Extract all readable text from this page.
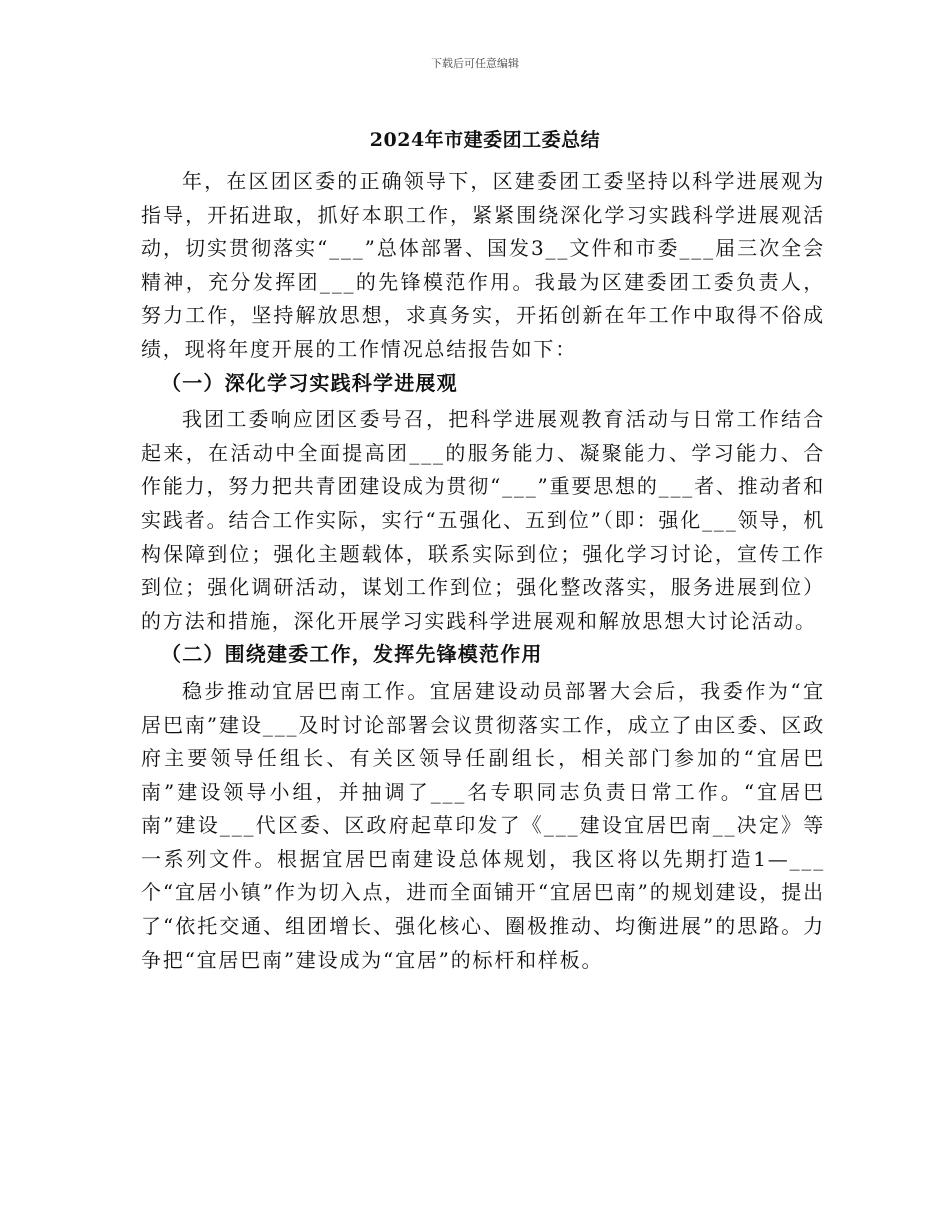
下载后可任意编辑
2024年市建委团工委总结

年，在区团区委的正确领导下，区建委团工委坚持以科学进展观为指导，开拓进取，抓好本职工作，紧紧围绕深化学习实践科学进展观活动，切实贯彻落实“___”总体部署、国发3__文件和市委___届三次全会精神，充分发挥团___的先锋模范作用。我最为区建委团工委负责人，努力工作，坚持解放思想，求真务实，开拓创新在年工作中取得不俗成绩，现将年度开展的工作情况总结报告如下：

（一）深化学习实践科学进展观

我团工委响应团区委号召，把科学进展观教育活动与日常工作结合起来，在活动中全面提高团___的服务能力、凝聚能力、学习能力、合作能力，努力把共青团建设成为贯彻“___”重要思想的___者、推动者和实践者。结合工作实际，实行“五强化、五到位”（即：强化___领导，机构保障到位；强化主题载体，联系实际到位；强化学习讨论，宣传工作到位；强化调研活动，谋划工作到位；强化整改落实，服务进展到位）的方法和措施，深化开展学习实践科学进展观和解放思想大讨论活动。

（二）围绕建委工作，发挥先锋模范作用

稳步推动宜居巴南工作。宜居建设动员部署大会后，我委作为“宜居巴南”建设___及时讨论部署会议贯彻落实工作，成立了由区委、区政府主要领导任组长、有关区领导任副组长，相关部门参加的“宜居巴南”建设领导小组，并抽调了___名专职同志负责日常工作。“宜居巴南”建设___代区委、区政府起草印发了《___建设宜居巴南__决定》等一系列文件。根据宜居巴南建设总体规划，我区将以先期打造1—___个“宜居小镇”作为切入点，进而全面铺开“宜居巴南”的规划建设，提出了“依托交通、组团增长、强化核心、圈极推动、均衡进展”的思路。力争把“宜居巴南”建设成为“宜居”的标杆和样板。
